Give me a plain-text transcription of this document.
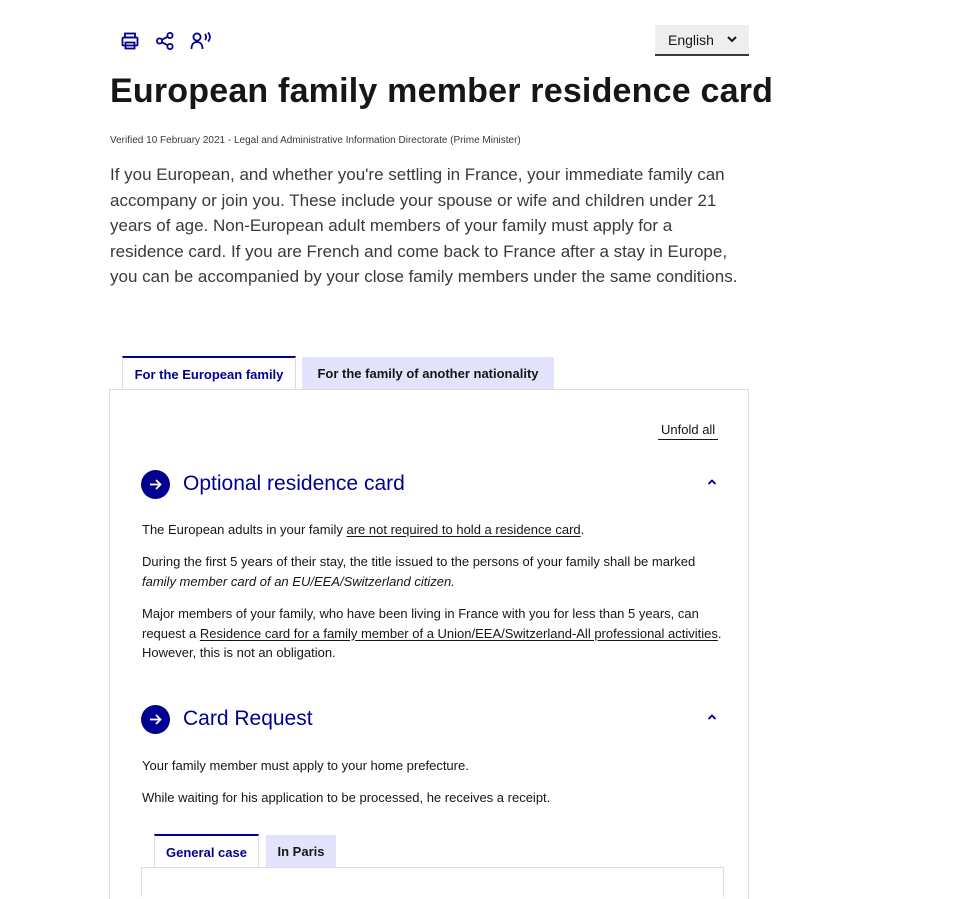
English
European family member residence card
Verified 10 February 2021 - Legal and Administrative Information Directorate (Prime Minister)

If you European, and whether you're settling in France, your immediate family can accompany or join you. These include your spouse or wife and children under 21 years of age. Non-European adult members of your family must apply for a residence card. If you are French and come back to France after a stay in Europe, you can be accompanied by your close family members under the same conditions.

For the European family	For the family of another nationality
Unfold all
Optional residence card

The European adults in your family are not required to hold a residence card.

During the first 5 years of their stay, the title issued to the persons of your family shall be marked family member card of an EU/EEA/Switzerland citizen.

Major members of your family, who have been living in France with you for less than 5 years, can request a Residence card for a family member of a Union/EEA/Switzerland-All professional activities. However, this is not an obligation.

Card Request

Your family member must apply to your home prefecture.

While waiting for his application to be processed, he receives a receipt.

General case In Paris
